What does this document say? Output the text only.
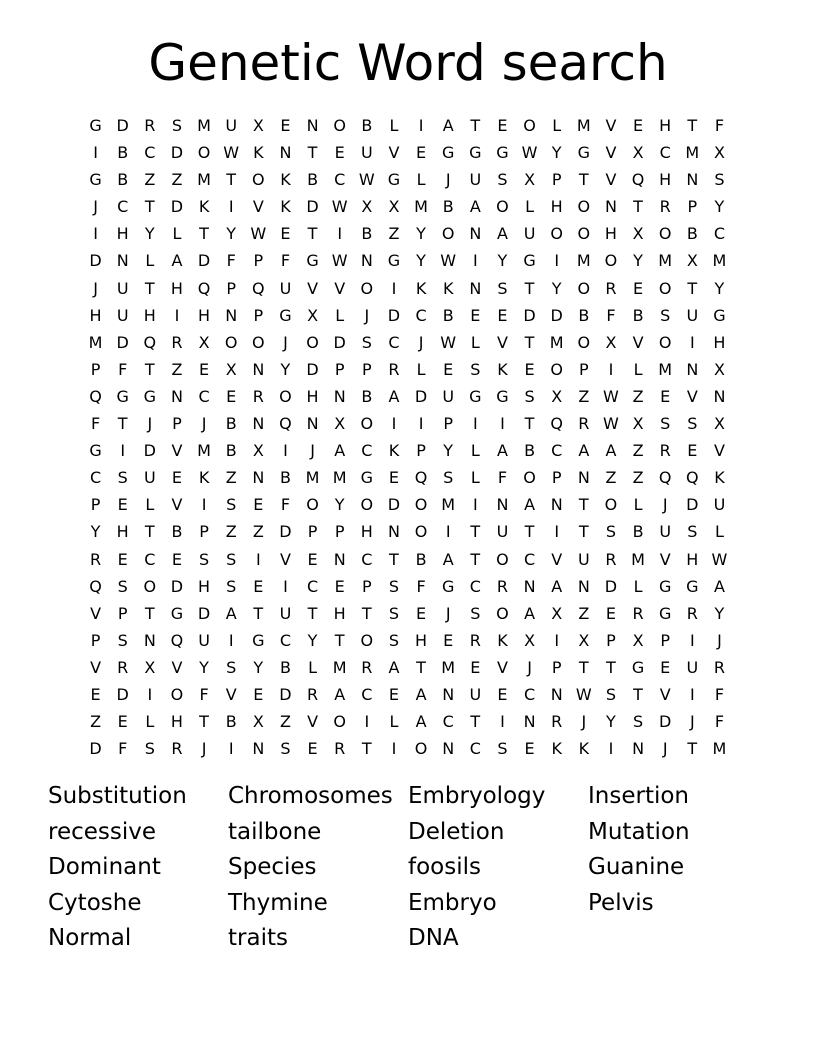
Genetic Word search
G D R	S M U X	E	N O B	L	I	A	T	E O	L M V	E	H	T	F
I	B	C D O W K N	T	E	U V	E G G G W Y	G V	X	C M X
G B	Z	Z M T O K	B	C W G	L	J	U	S	X	P	T	V Q H N	S
J	C	T	D K	I	V	K D W X	X M B	A O	L	H O N	T	R	P	Y
I	H	Y	L	T	Y W E	T	I	B	Z	Y O N A U O O H X O B	C
D N	L	A D	F	P	F	G W N G	Y W	I	Y	G	I	M O Y M X M
J	U	T	H Q	P	Q U V	V O	I	K	K N	S	T	Y O R	E O T	Y
H U H	I	H N	P	G X	L	J	D C	B	E	E D D B	F	B	S	U G
M D Q R	X O O	J	O D S	C	J	W L	V	T M O X	V O	I	H
P	F	T	Z	E	X N	Y	D	P	P	R	L	E	S	K	E O	P	I	L M N X
Q G G N C	E	R O H N B	A D U G G S	X	Z W Z	E	V N
F	T	J	P	J	B N Q N X O	I	I	P	I	I	T Q R W X	S	S	X
G	I	D V M B	X	I	J	A	C	K	P	Y	L	A	B	C	A	A	Z	R	E	V
C	S	U	E	K	Z N B M M G E Q S	L	F	O	P	N Z	Z Q Q K
P	E	L	V	I	S	E	F	O Y O D O M	I	N A N	T O	L	J	D U
Y	H	T	B	P	Z	Z D	P	P	H N O	I	T	U	T	I	T	S	B U	S	L
R	E	C	E	S	S	I	V	E	N C	T	B	A	T O C	V U R M V H W
Q S O D H	S	E	I	C	E	P	S	F	G C R N A N D	L	G G A
V	P	T	G D A	T	U	T	H	T	S	E	J	S O A	X	Z	E	R G R	Y
P	S	N Q U	I	G C	Y	T O S	H	E	R	K	X	I	X	P	X	P	I	J
V	R	X	V	Y	S	Y	B	L M R	A	T M E	V	J	P	T	T	G E	U R
E D	I	O	F	V	E D R	A	C	E	A N U	E	C N W S	T	V	I	F
Z	E	L	H	T	B	X	Z	V O	I	L	A	C	T	I	N R	J	Y	S D	J	F
D	F	S	R	J	I	N	S	E	R	T	I	O N C	S	E	K	K	I	N	J	T M
Substitution
recessive
Dominant
Cytoshe
Normal
Chromosomes
tailbone
Species
Thymine
traits
Embryology
Deletion
foosils
Embryo
DNA
Insertion
Mutation
Guanine
Pelvis
